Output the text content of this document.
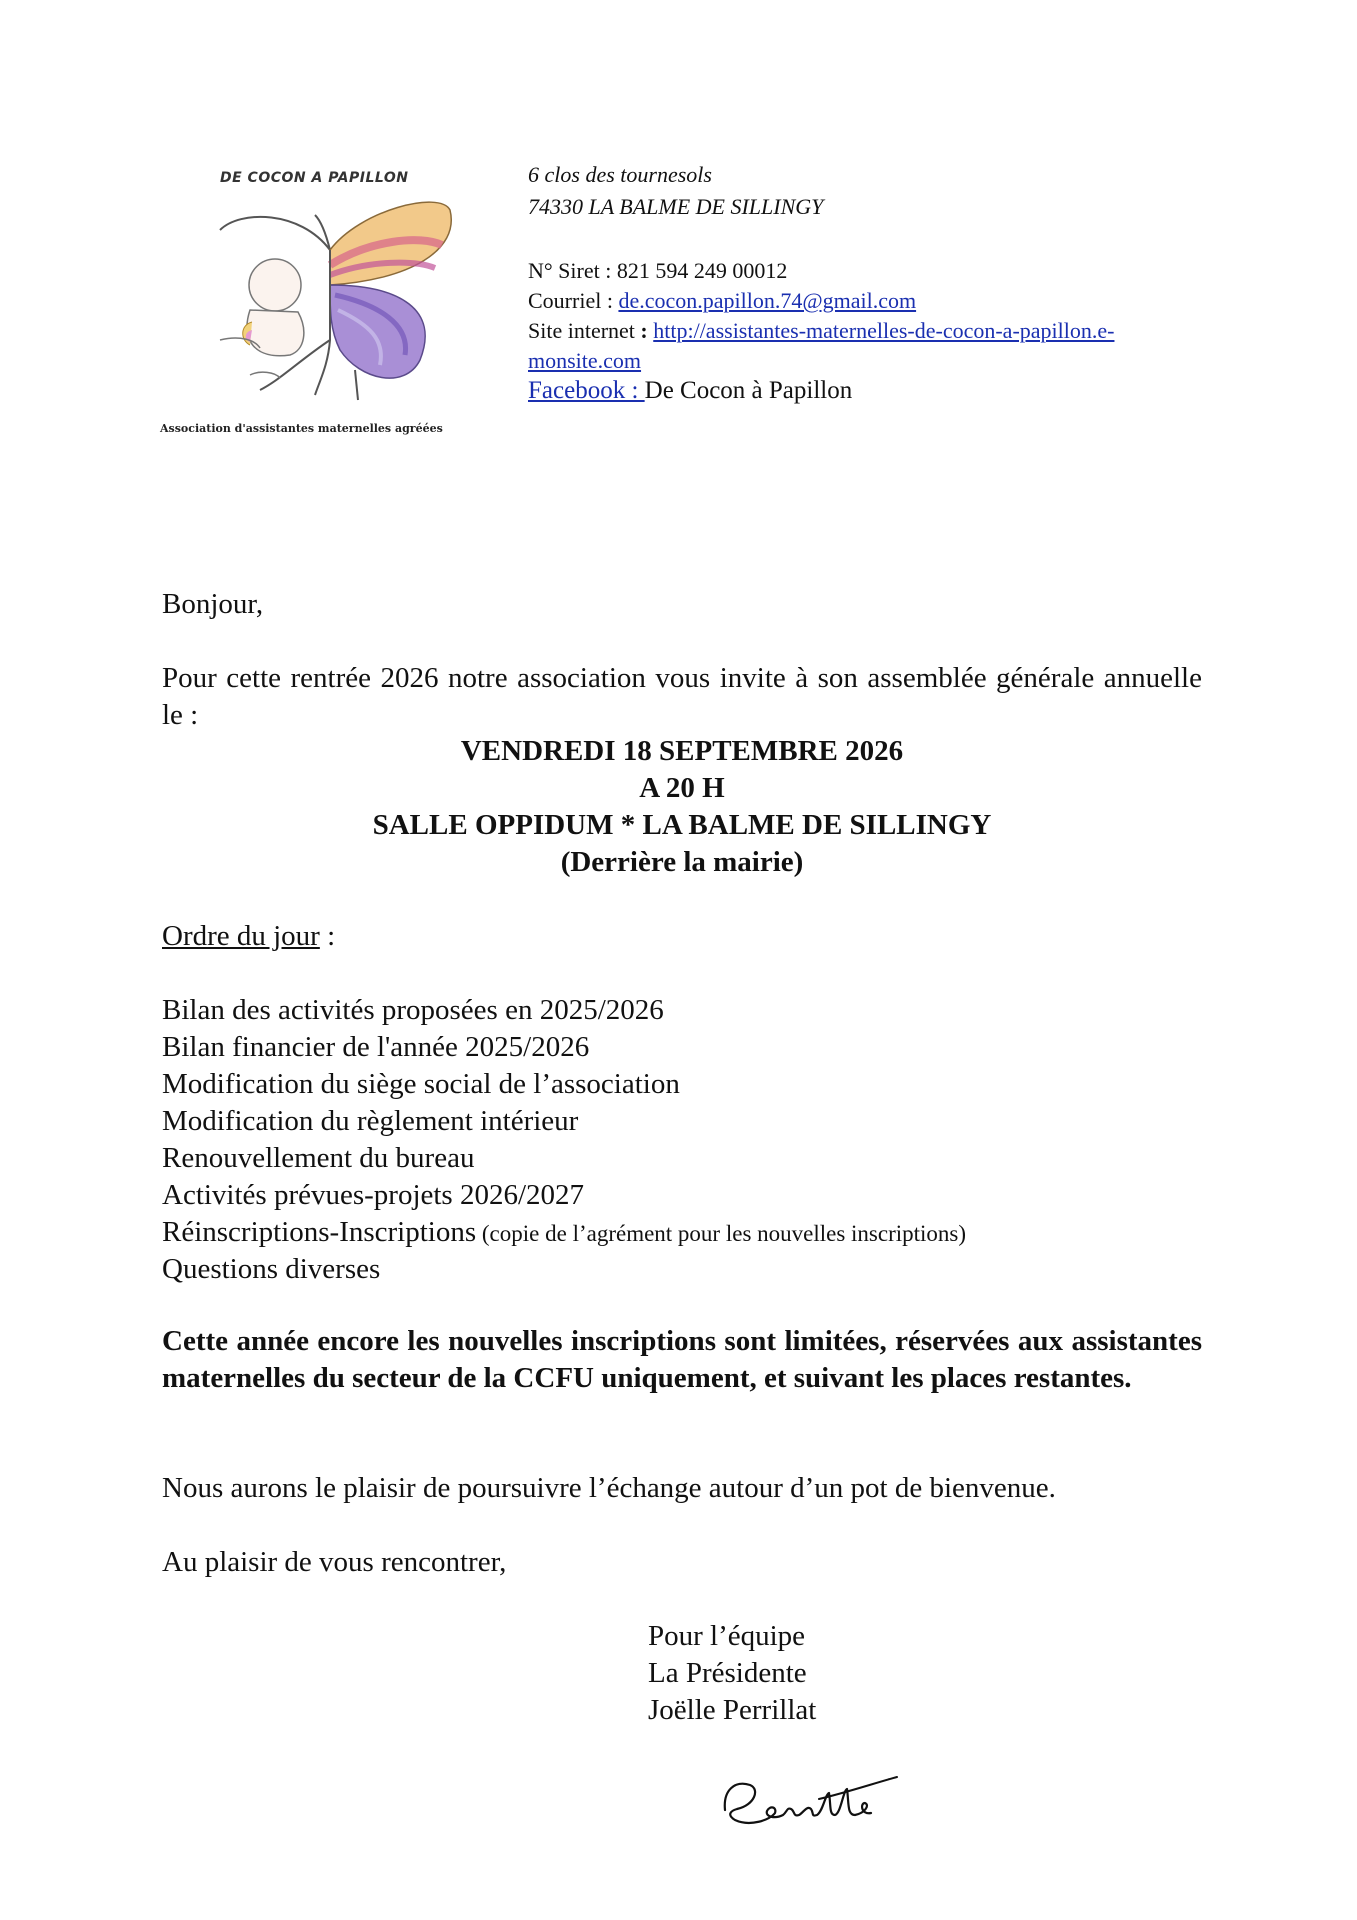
DE COCON A PAPILLON
Association d'assistantes maternelles agréées
6 clos des tournesols
74330 LA BALME DE SILLINGY
N° Siret : 821 594 249 00012
Courriel : de.cocon.papillon.74@gmail.com
Site internet : http://assistantes-maternelles-de-cocon-a-papillon.e-
monsite.com
Facebook : De Cocon à Papillon
Bonjour,
Pour cette rentrée 2026 notre association vous invite à son assemblée générale annuelle le :
VENDREDI 18 SEPTEMBRE 2026
A 20 H
SALLE OPPIDUM * LA BALME DE SILLINGY
(Derrière la mairie)
Ordre du jour :
Bilan des activités proposées en 2025/2026
Bilan financier de l'année 2025/2026
Modification du siège social de l’association
Modification du règlement intérieur
Renouvellement du bureau
Activités prévues-projets 2026/2027
Réinscriptions-Inscriptions (copie de l’agrément pour les nouvelles inscriptions)
Questions diverses
Cette année encore les nouvelles inscriptions sont limitées, réservées aux assistantes maternelles du secteur de la CCFU uniquement, et suivant les places restantes.
Nous aurons le plaisir de poursuivre l’échange autour d’un pot de bienvenue.
Au plaisir de vous rencontrer,
Pour l’équipe
La Présidente
Joëlle Perrillat
